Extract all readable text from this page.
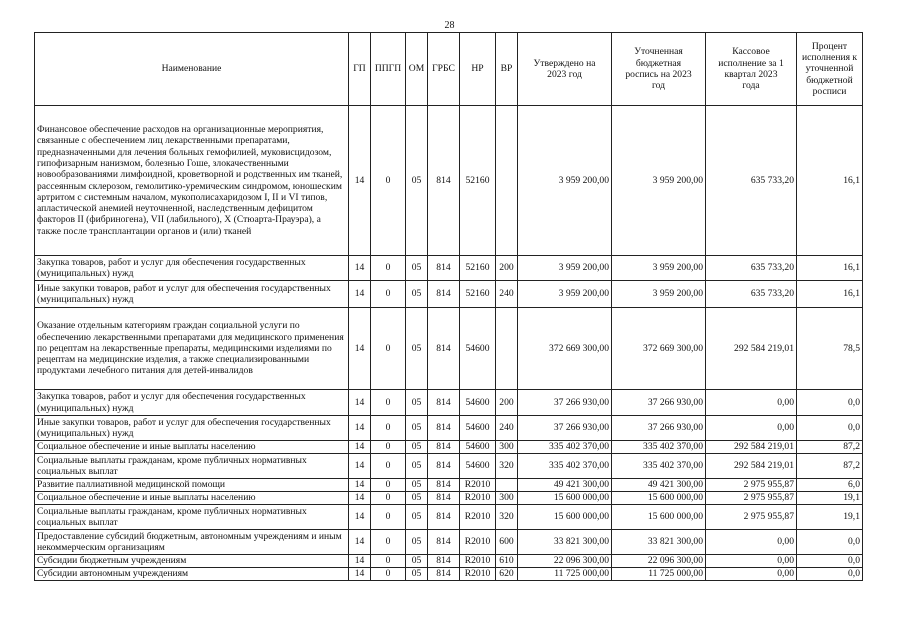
28
Наименование	ГП	ППГП	ОМ	ГРБС	НР	ВР	Утверждено на 2023 год	Уточненная бюджетная роспись на 2023 год	Кассовое исполнение за 1 квартал 2023 года	Процент исполнения к уточненной бюджетной росписи
Финансовое обеспечение расходов на организационные мероприятия, связанные с обеспечением лиц лекарственными препаратами, предназначенными для лечения больных гемофилией, муковисцидозом, гипофизарным нанизмом, болезнью Гоше, злокачественными новообразованиями лимфоидной, кроветворной и родственных им тканей, рассеянным склерозом, гемолитико-уремическим синдромом, юношеским артритом с системным началом, мукополисахаридозом I, II и VI типов, апластической анемией неуточненной, наследственным дефицитом факторов II (фибриногена), VII (лабильного), X (Стюарта-Прауэра), а также после трансплантации органов и (или) тканей	14	0	05	814	52160		3 959 200,00	3 959 200,00	635 733,20	16,1
Закупка товаров, работ и услуг для обеспечения государственных (муниципальных) нужд	14	0	05	814	52160	200	3 959 200,00	3 959 200,00	635 733,20	16,1
Иные закупки товаров, работ и услуг для обеспечения государственных (муниципальных) нужд	14	0	05	814	52160	240	3 959 200,00	3 959 200,00	635 733,20	16,1
Оказание отдельным категориям граждан социальной услуги по обеспечению лекарственными препаратами для медицинского применения по рецептам на лекарственные препараты, медицинскими изделиями по рецептам на медицинские изделия, а также специализированными продуктами лечебного питания для детей-инвалидов	14	0	05	814	54600		372 669 300,00	372 669 300,00	292 584 219,01	78,5
Закупка товаров, работ и услуг для обеспечения государственных (муниципальных) нужд	14	0	05	814	54600	200	37 266 930,00	37 266 930,00	0,00	0,0
Иные закупки товаров, работ и услуг для обеспечения государственных (муниципальных) нужд	14	0	05	814	54600	240	37 266 930,00	37 266 930,00	0,00	0,0
Социальное обеспечение и иные выплаты населению	14	0	05	814	54600	300	335 402 370,00	335 402 370,00	292 584 219,01	87,2
Социальные выплаты гражданам, кроме публичных нормативных социальных выплат	14	0	05	814	54600	320	335 402 370,00	335 402 370,00	292 584 219,01	87,2
Развитие паллиативной медицинской помощи	14	0	05	814	R2010		49 421 300,00	49 421 300,00	2 975 955,87	6,0
Социальное обеспечение и иные выплаты населению	14	0	05	814	R2010	300	15 600 000,00	15 600 000,00	2 975 955,87	19,1
Социальные выплаты гражданам, кроме публичных нормативных социальных выплат	14	0	05	814	R2010	320	15 600 000,00	15 600 000,00	2 975 955,87	19,1
Предоставление субсидий бюджетным, автономным учреждениям и иным некоммерческим организациям	14	0	05	814	R2010	600	33 821 300,00	33 821 300,00	0,00	0,0
Субсидии бюджетным учреждениям	14	0	05	814	R2010	610	22 096 300,00	22 096 300,00	0,00	0,0
Субсидии автономным учреждениям	14	0	05	814	R2010	620	11 725 000,00	11 725 000,00	0,00	0,0
